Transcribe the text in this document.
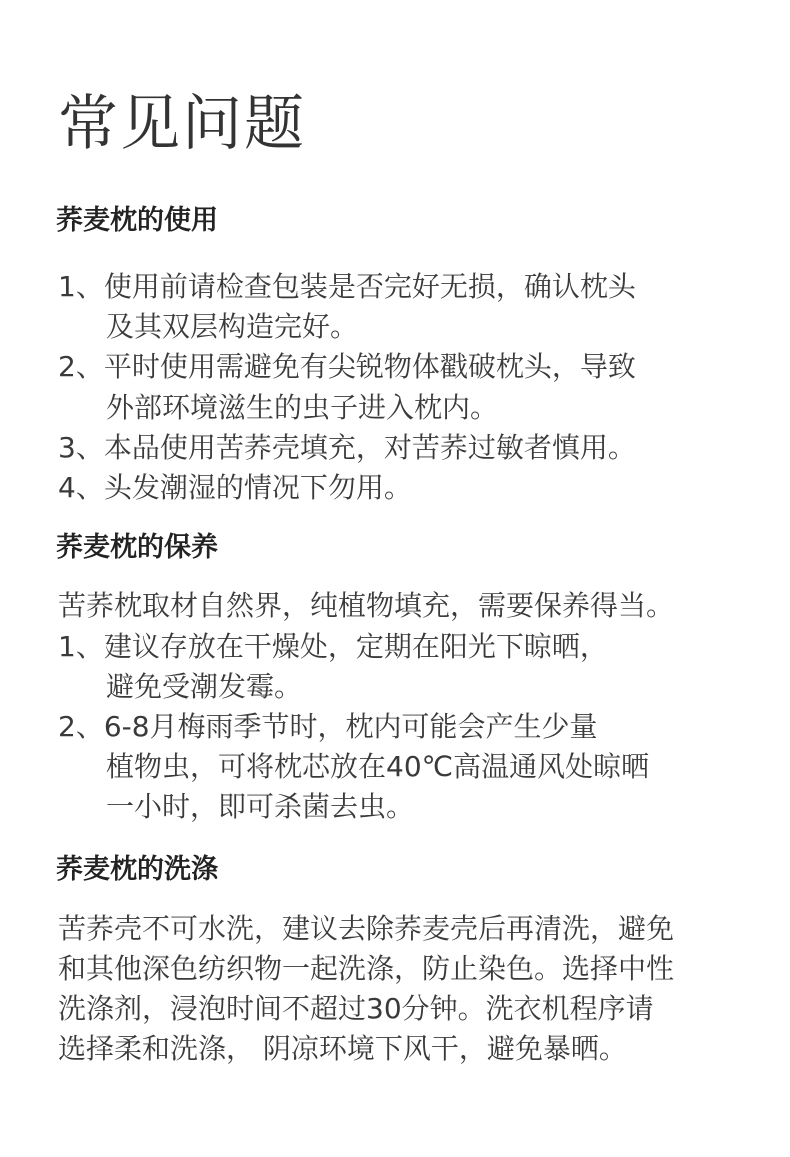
常见问题
荞麦枕的使用
1、使用前请检查包装是否完好无损，确认枕头
及其双层构造完好。
2、平时使用需避免有尖锐物体戳破枕头，导致
外部环境滋生的虫子进入枕内。
3、本品使用苦荞壳填充，对苦荞过敏者慎用。
4、头发潮湿的情况下勿用。
荞麦枕的保养
苦荞枕取材自然界，纯植物填充，需要保养得当。
1、建议存放在干燥处，定期在阳光下晾晒，
避免受潮发霉。
2、6-8月梅雨季节时，枕内可能会产生少量
植物虫，可将枕芯放在40℃高温通风处晾晒
一小时，即可杀菌去虫。
荞麦枕的洗涤
苦荞壳不可水洗，建议去除荞麦壳后再清洗，避免
和其他深色纺织物一起洗涤，防止染色。选择中性
洗涤剂，浸泡时间不超过30分钟。洗衣机程序请
选择柔和洗涤， 阴凉环境下风干，避免暴晒。
